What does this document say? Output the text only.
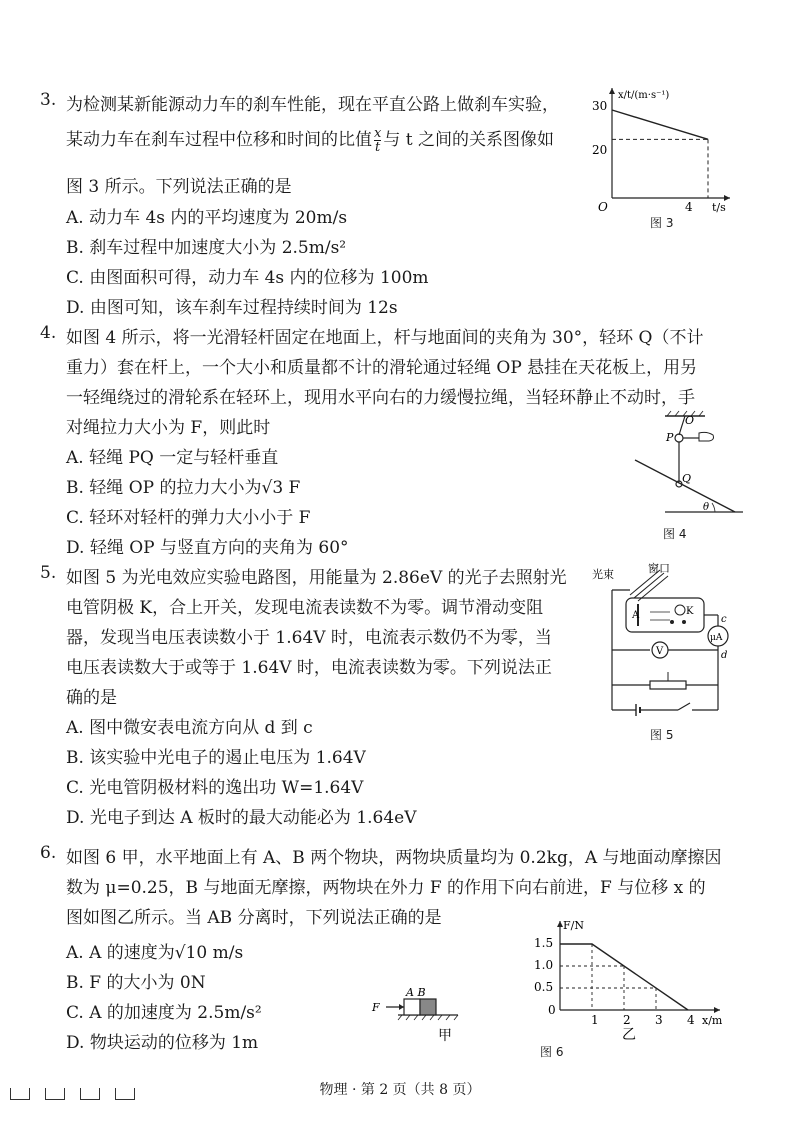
3. 为检测某新能源动力车的刹车性能，现在平直公路上做刹车实验，
某动力车在刹车过程中位移和时间的比值 $\frac{x}{t}$ 与 t 之间的关系图像如
图 3 所示。下列说法正确的是
A. 动力车 4s 内的平均速度为 20m/s
B. 刹车过程中加速度大小为 2.5m/s²
C. 由图面积可得，动力车 4s 内的位移为 100m
D. 由图可知，该车刹车过程持续时间为 12s
30
20
4
O
x/t/(m·s⁻¹)
t/s
图 3
4. 如图 4 所示，将一光滑轻杆固定在地面上，杆与地面间的夹角为 30°，轻环 Q（不计
重力）套在杆上，一个大小和质量都不计的滑轮通过轻绳 OP 悬挂在天花板上，用另
一轻绳绕过的滑轮系在轻环上，现用水平向右的力缓慢拉绳，当轻环静止不动时，手
对绳拉力大小为 F，则此时
A. 轻绳 PQ 一定与轻杆垂直
B. 轻绳 OP 的拉力大小为√3 F
C. 轻环对轻杆的弹力大小小于 F
D. 轻绳 OP 与竖直方向的夹角为 60°
O
P
Q
θ
图 4
5. 如图 5 为光电效应实验电路图，用能量为 2.86eV 的光子去照射光
电管阴极 K，合上开关，发现电流表读数不为零。调节滑动变阻
器，发现当电压表读数小于 1.64V 时，电流表示数仍不为零，当
电压表读数大于或等于 1.64V 时，电流表读数为零。下列说法正
确的是
A. 图中微安表电流方向从 d 到 c
B. 该实验中光电子的遏止电压为 1.64V
C. 光电管阴极材料的逸出功 W=1.64V
D. 光电子到达 A 板时的最大动能必为 1.64eV
光束	窗口
A	K
c
d
μA
V
图 5
6. 如图 6 甲，水平地面上有 A、B 两个物块，两物块质量均为 0.2kg，A 与地面动摩擦因
数为 μ=0.25，B 与地面无摩擦，两物块在外力 F 的作用下向右前进，F 与位移 x 的
图如图乙所示。当 AB 分离时，下列说法正确的是
A. A 的速度为√10 m/s
B. F 的大小为 0N
C. A 的加速度为 2.5m/s²
D. 物块运动的位移为 1m
F
A B
甲
1.5
1.0
0.5
0
1 2 3 4
F/N
x/m
乙
图 6
物理 · 第 2 页（共 8 页）
